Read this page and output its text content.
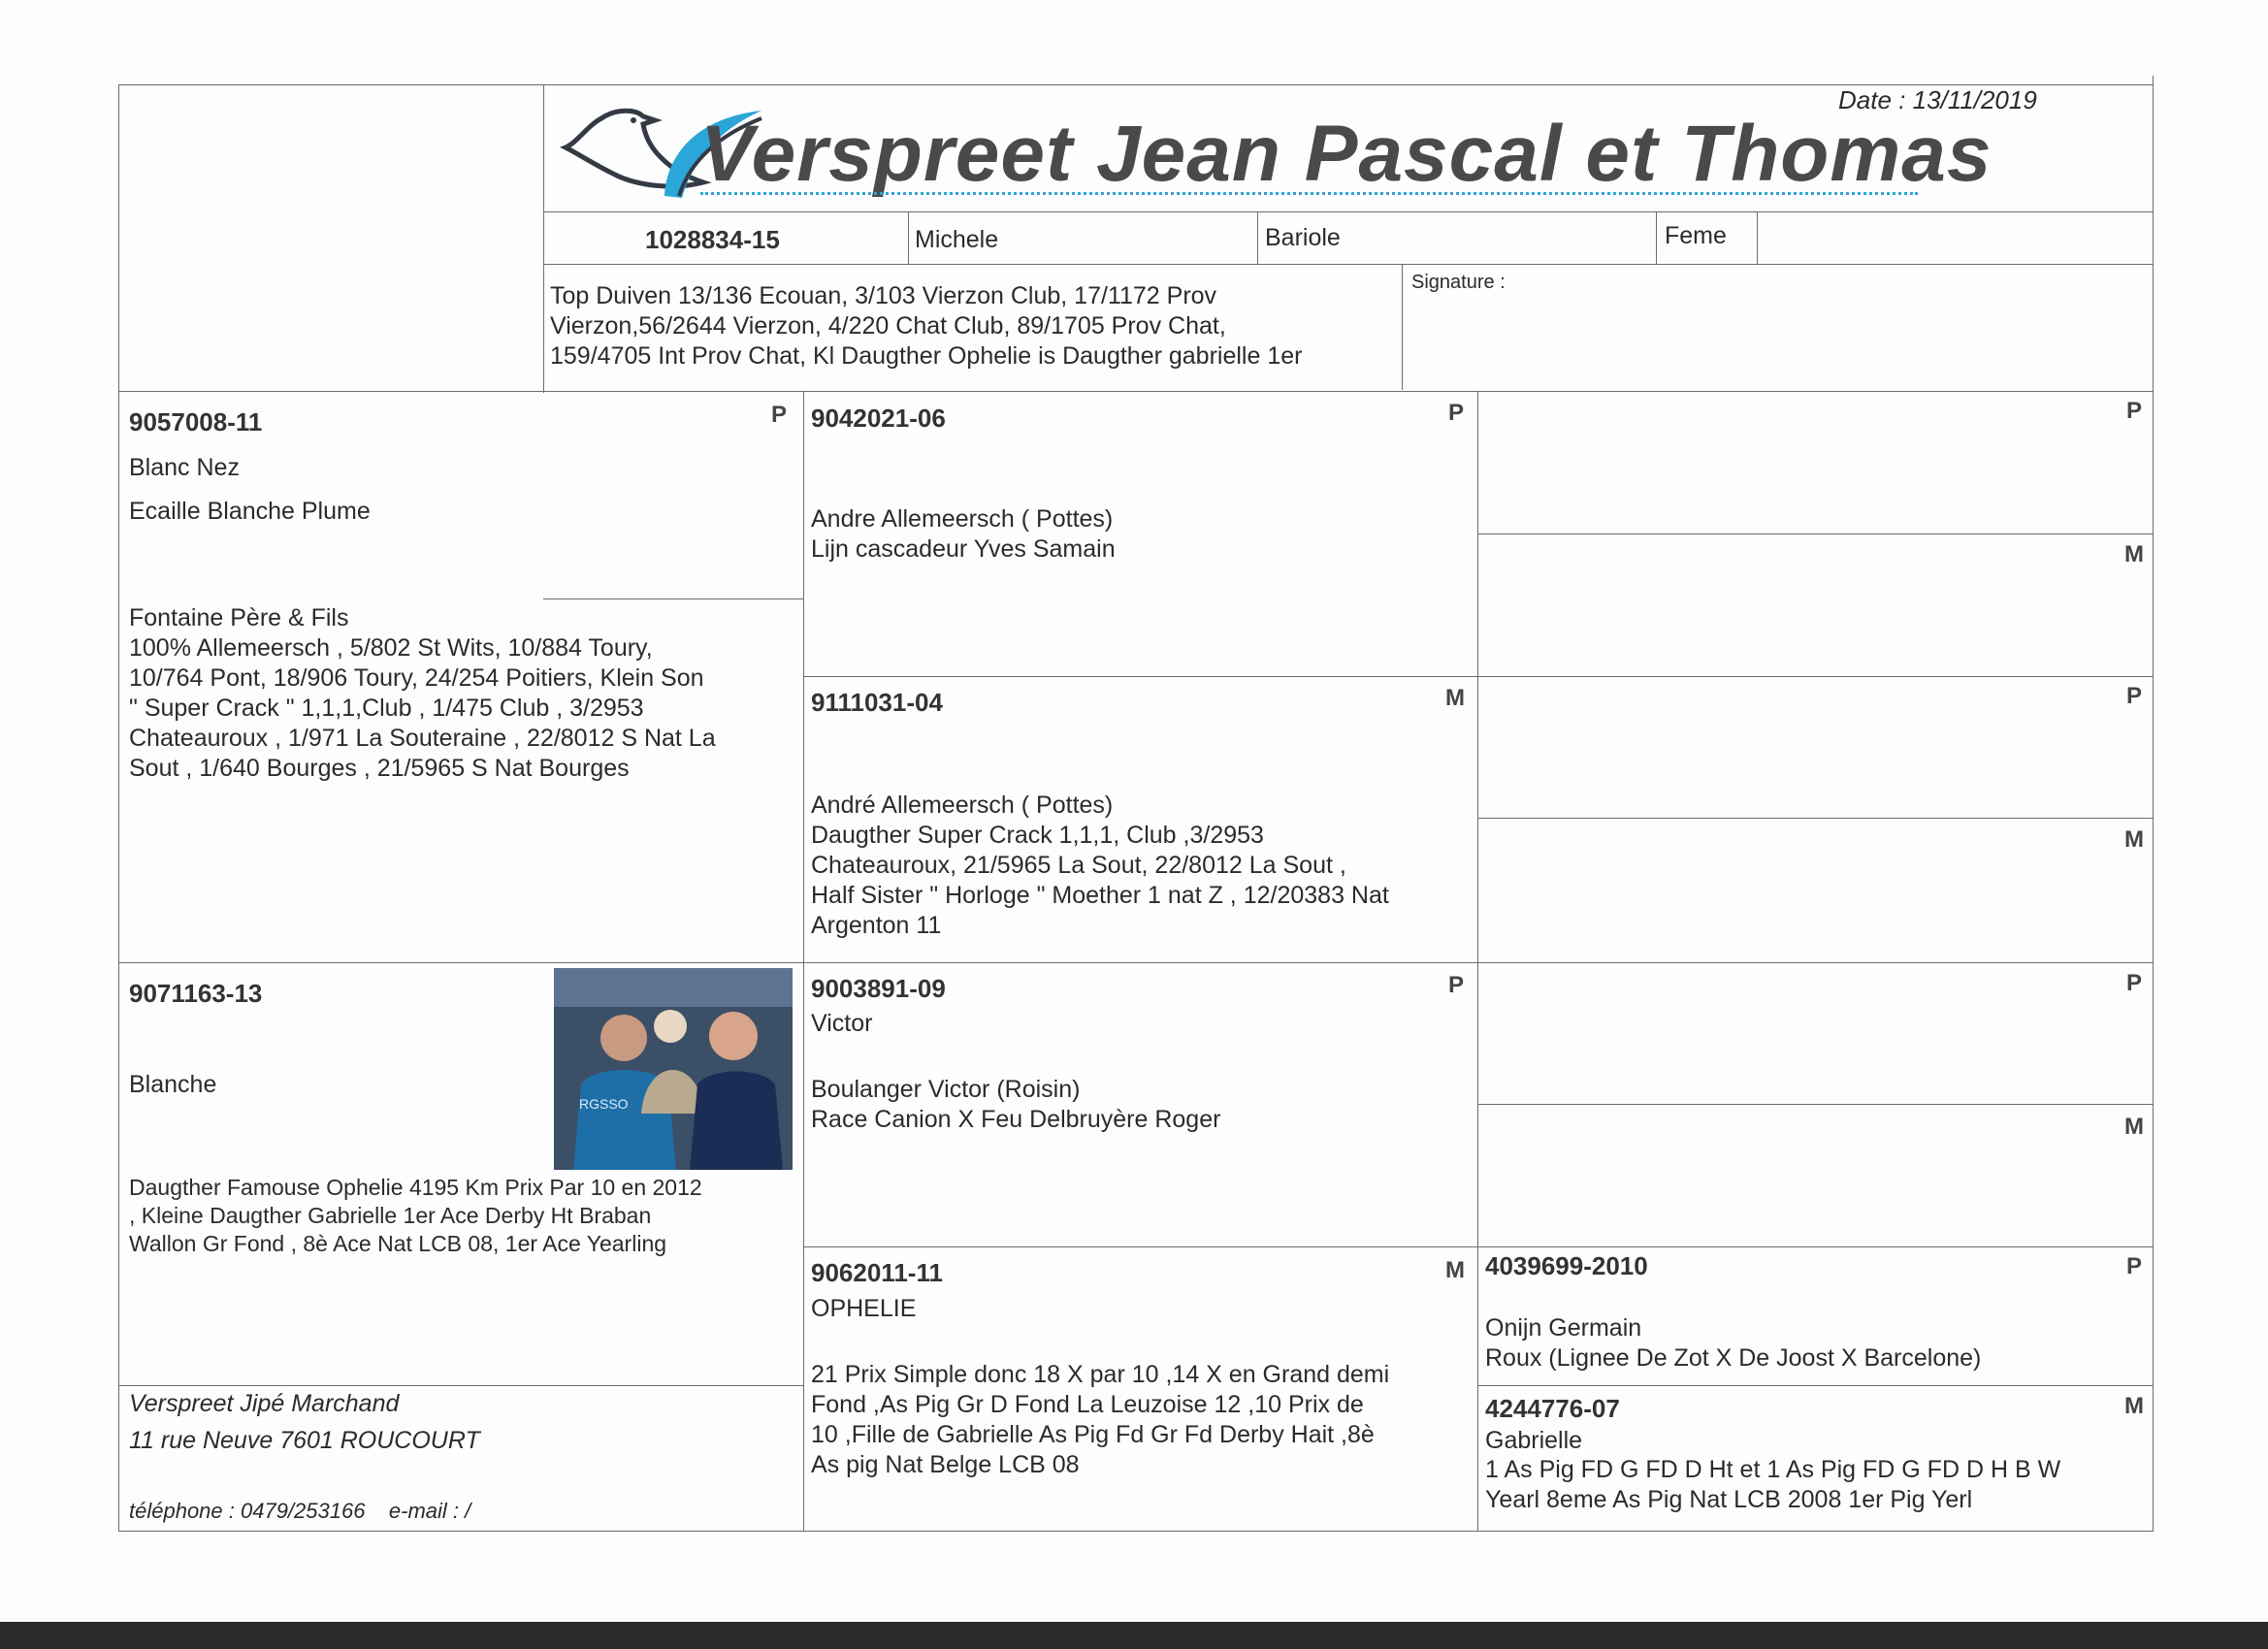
Verspreet Jean Pascal et Thomas
Date : 13/11/2019
1028834-15	Michele	Bariole	Feme
Top Duiven 13/136 Ecouan, 3/103 Vierzon Club, 17/1172 Prov
Vierzon,56/2644 Vierzon, 4/220 Chat Club, 89/1705 Prov Chat,
159/4705 Int Prov Chat, Kl Daugther Ophelie is Daugther gabrielle 1er
Signature :
9057008-11
Blanc Nez
Ecaille Blanche Plume
P
Fontaine Père & Fils
100% Allemeersch , 5/802 St Wits, 10/884 Toury,
10/764 Pont, 18/906 Toury, 24/254 Poitiers, Klein Son
" Super Crack " 1,1,1,Club , 1/475 Club , 3/2953
Chateauroux , 1/971 La Souteraine , 22/8012 S Nat La
Sout , 1/640 Bourges , 21/5965 S Nat Bourges
9071163-13
Blanche
RGSSO
Daugther Famouse Ophelie 4195 Km Prix Par 10 en 2012
, Kleine Daugther Gabrielle 1er Ace Derby Ht Braban
Wallon Gr Fond , 8è Ace Nat LCB 08, 1er Ace Yearling
Verspreet Jipé Marchand
11 rue Neuve 7601 ROUCOURT
téléphone : 0479/253166    e-mail : /
9042021-06	P
Andre Allemeersch ( Pottes)
Lijn cascadeur Yves Samain
9111031-04	M
André Allemeersch ( Pottes)
Daugther Super Crack 1,1,1, Club ,3/2953
Chateauroux, 21/5965 La Sout, 22/8012 La Sout ,
Half Sister " Horloge " Moether 1 nat Z , 12/20383 Nat
Argenton 11
9003891-09	P
Victor
Boulanger Victor (Roisin)
Race Canion X Feu Delbruyère Roger
9062011-11	M
OPHELIE
21 Prix Simple donc 18 X par 10 ,14 X en Grand demi
Fond ,As Pig Gr D Fond La Leuzoise 12 ,10 Prix de
10 ,Fille de Gabrielle As Pig Fd Gr Fd Derby Hait ,8è
As pig Nat Belge LCB 08
P
M
P
M
P
M
4039699-2010	P
Onijn Germain
Roux (Lignee De Zot X De Joost X Barcelone)
4244776-07	M
Gabrielle
1 As Pig FD G FD D Ht et 1 As Pig FD G FD D H B W
Yearl 8eme As Pig Nat LCB 2008 1er Pig Yerl
